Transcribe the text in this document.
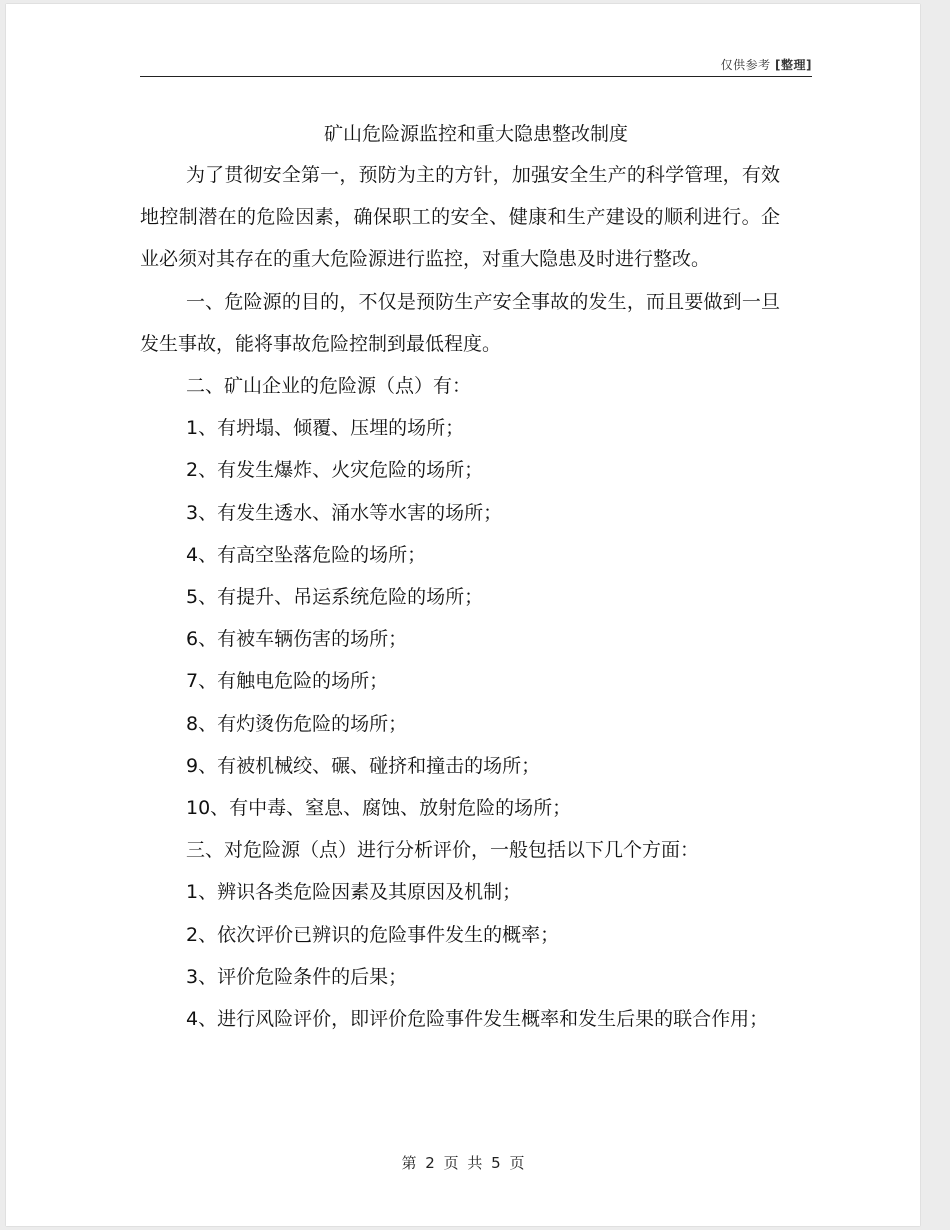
仅供参考 [整理]
矿山危险源监控和重大隐患整改制度

为了贯彻安全第一，预防为主的方针，加强安全生产的科学管理，有效地控制潜在的危险因素，确保职工的安全、健康和生产建设的顺利进行。企业必须对其存在的重大危险源进行监控，对重大隐患及时进行整改。

一、危险源的目的，不仅是预防生产安全事故的发生，而且要做到一旦发生事故，能将事故危险控制到最低程度。

二、矿山企业的危险源（点）有：

1、有坍塌、倾覆、压埋的场所；

2、有发生爆炸、火灾危险的场所；

3、有发生透水、涌水等水害的场所；

4、有高空坠落危险的场所；

5、有提升、吊运系统危险的场所；

6、有被车辆伤害的场所；

7、有触电危险的场所；

8、有灼烫伤危险的场所；

9、有被机械绞、碾、碰挤和撞击的场所；

10、有中毒、窒息、腐蚀、放射危险的场所；

三、对危险源（点）进行分析评价，一般包括以下几个方面：

1、辨识各类危险因素及其原因及机制；

2、依次评价已辨识的危险事件发生的概率；

3、评价危险条件的后果；

4、进行风险评价，即评价危险事件发生概率和发生后果的联合作用；

第 2 页 共 5 页
